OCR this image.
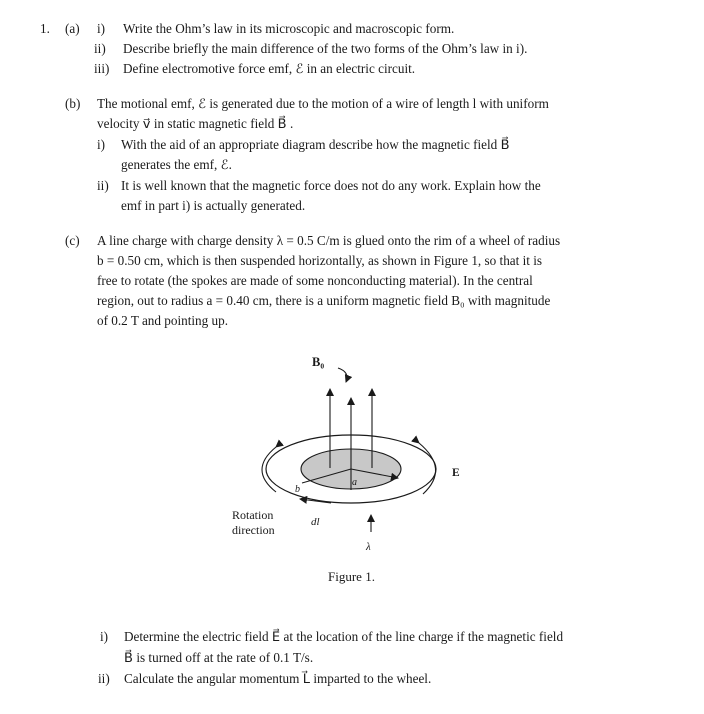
1. (a) i) Write the Ohm’s law in its microscopic and macroscopic form.
ii) Describe briefly the main difference of the two forms of the Ohm’s law in i).
iii) Define electromotive force emf, ℰ in an electric circuit.
(b) The motional emf, ℰ is generated due to the motion of a wire of length l with uniform
velocity v⃗ in static magnetic field B⃗ .
i) With the aid of an appropriate diagram describe how the magnetic field B⃗
generates the emf, ℰ.
ii) It is well known that the magnetic force does not do any work. Explain how the
emf in part i) is actually generated.
(c) A line charge with charge density λ = 0.5 C/m is glued onto the rim of a wheel of radius
b = 0.50 cm, which is then suspended horizontally, as shown in Figure 1, so that it is
free to rotate (the spokes are made of some nonconducting material). In the central
region, out to radius a = 0.40 cm, there is a uniform magnetic field B₀ with magnitude
of 0.2 T and pointing up.
B₀
E
a
b
Rotation
direction
dl
λ
Figure 1.
i) Determine the electric field E⃗ at the location of the line charge if the magnetic field
B⃗ is turned off at the rate of 0.1 T/s.
ii) Calculate the angular momentum L⃗ imparted to the wheel.
